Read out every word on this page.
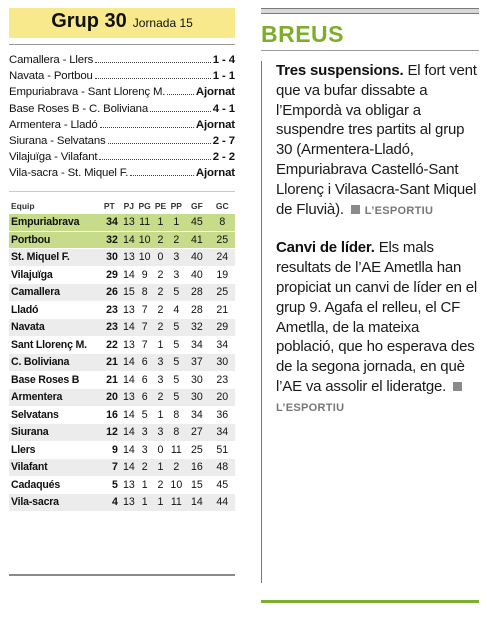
Grup 30 Jornada 15
Camallera - Llers	1 - 4
Navata - Portbou	1 - 1
Empuriabrava - Sant Llorenç M.	Ajornat
Base Roses B - C. Boliviana	4 - 1
Armentera - Lladó	Ajornat
Siurana - Selvatans	2 - 7
Vilajuïga - Vilafant	2 - 2
Vila-sacra - St. Miquel F.	Ajornat
Equip	PT	PJ	PG	PE	PP	GF	GC
Empuriabrava	34	13	11	1	1	45	8
Portbou	32	14	10	2	2	41	25
St. Miquel F.	30	13	10	0	3	40	24
Vilajuïga	29	14	9	2	3	40	19
Camallera	26	15	8	2	5	28	25
Lladó	23	13	7	2	4	28	21
Navata	23	14	7	2	5	32	29
Sant Llorenç M.	22	13	7	1	5	34	34
C. Boliviana	21	14	6	3	5	37	30
Base Roses B	21	14	6	3	5	30	23
Armentera	20	13	6	2	5	30	20
Selvatans	16	14	5	1	8	34	36
Siurana	12	14	3	3	8	27	34
Llers	9	14	3	0	11	25	51
Vilafant	7	14	2	1	2	16	48
Cadaqués	5	13	1	2	10	15	45
Vila-sacra	4	13	1	1	11	14	44
BREUS

Tres suspensions. El fort vent que va bufar dissabte a l’Empordà va obligar a suspendre tres partits al grup 30 (Armentera-Lladó, Empuriabrava Castelló-Sant Llorenç i Vilasacra-Sant Miquel de Fluvià). L’ESPORTIU

Canvi de líder. Els mals resultats de l’AE Ametlla han propiciat un canvi de líder en el grup 9. Agafa el relleu, el CF Ametlla, de la mateixa població, que ho esperava des de la segona jornada, en què l’AE va assolir el liderat​ge. L’ESPORTIU
